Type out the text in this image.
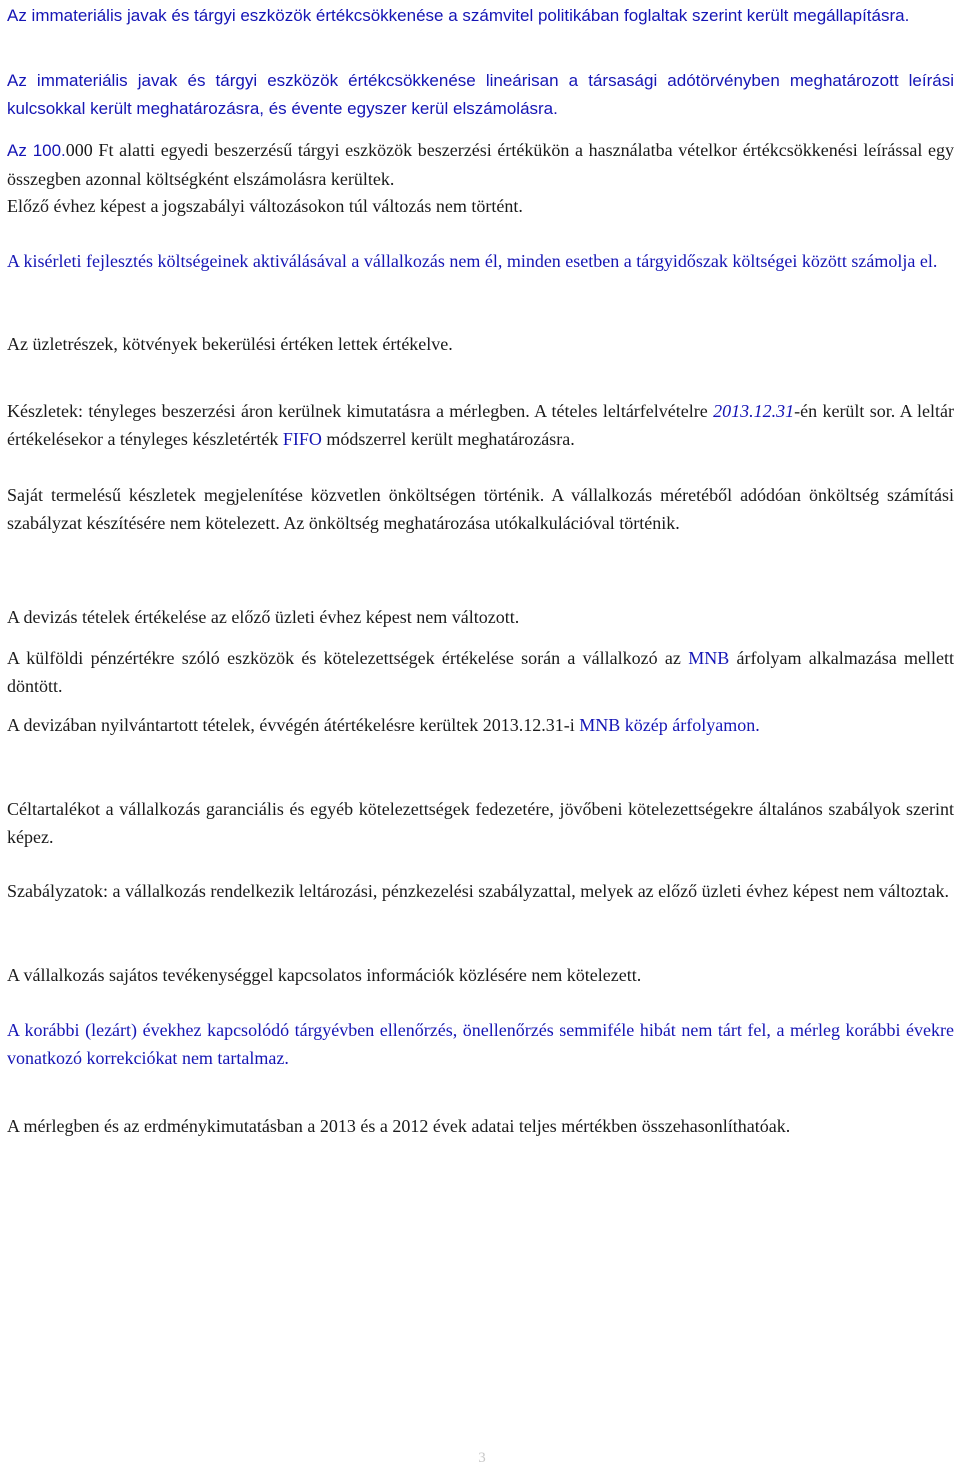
Az immateriális javak és tárgyi eszközök értékcsökkenése a számvitel politikában foglaltak szerint került megállapításra.

Az immateriális javak és tárgyi eszközök értékcsökkenése lineárisan a társasági adótörvényben meghatározott leírási kulcsokkal került meghatározásra, és évente egyszer kerül elszámolásra.

Az 100.000 Ft alatti egyedi beszerzésű tárgyi eszközök beszerzési értékükön a használatba vételkor értékcsökkenési leírással egy összegben azonnal költségként elszámolásra kerültek.

Előző évhez képest a jogszabályi változásokon túl változás nem történt.

A kisérleti fejlesztés költségeinek aktiválásával a vállalkozás nem él, minden esetben a tárgyidőszak költségei között számolja el.

Az üzletrészek, kötvények bekerülési értéken lettek értékelve.

Készletek: tényleges beszerzési áron kerülnek kimutatásra a mérlegben. A tételes leltárfelvételre 2013.12.31-én került sor. A leltár értékelésekor a tényleges készletérték FIFO módszerrel került meghatározásra.

Saját termelésű készletek megjelenítése közvetlen önköltségen történik. A vállalkozás méretéből adódóan önköltség számítási szabályzat készítésére nem kötelezett. Az önköltség meghatározása utókalkulációval történik.

A devizás tételek értékelése az előző üzleti évhez képest nem változott.

A külföldi pénzértékre szóló eszközök és kötelezettségek értékelése során a vállalkozó az MNB árfolyam alkalmazása mellett döntött.

A devizában nyilvántartott tételek, évvégén átértékelésre kerültek 2013.12.31-i MNB közép árfolyamon.

Céltartalékot a vállalkozás garanciális és egyéb kötelezettségek fedezetére, jövőbeni kötelezettségekre általános szabályok szerint képez.

Szabályzatok: a vállalkozás rendelkezik leltározási, pénzkezelési szabályzattal, melyek az előző üzleti évhez képest nem változtak.

A vállalkozás sajátos tevékenységgel kapcsolatos információk közlésére nem kötelezett.

A korábbi (lezárt) évekhez kapcsolódó tárgyévben ellenőrzés, önellenőrzés semmiféle hibát nem tárt fel, a mérleg korábbi évekre vonatkozó korrekciókat nem tartalmaz.

A mérlegben és az erdménykimutatásban a 2013 és a 2012 évek adatai teljes mértékben összehasonlíthatóak.

3
